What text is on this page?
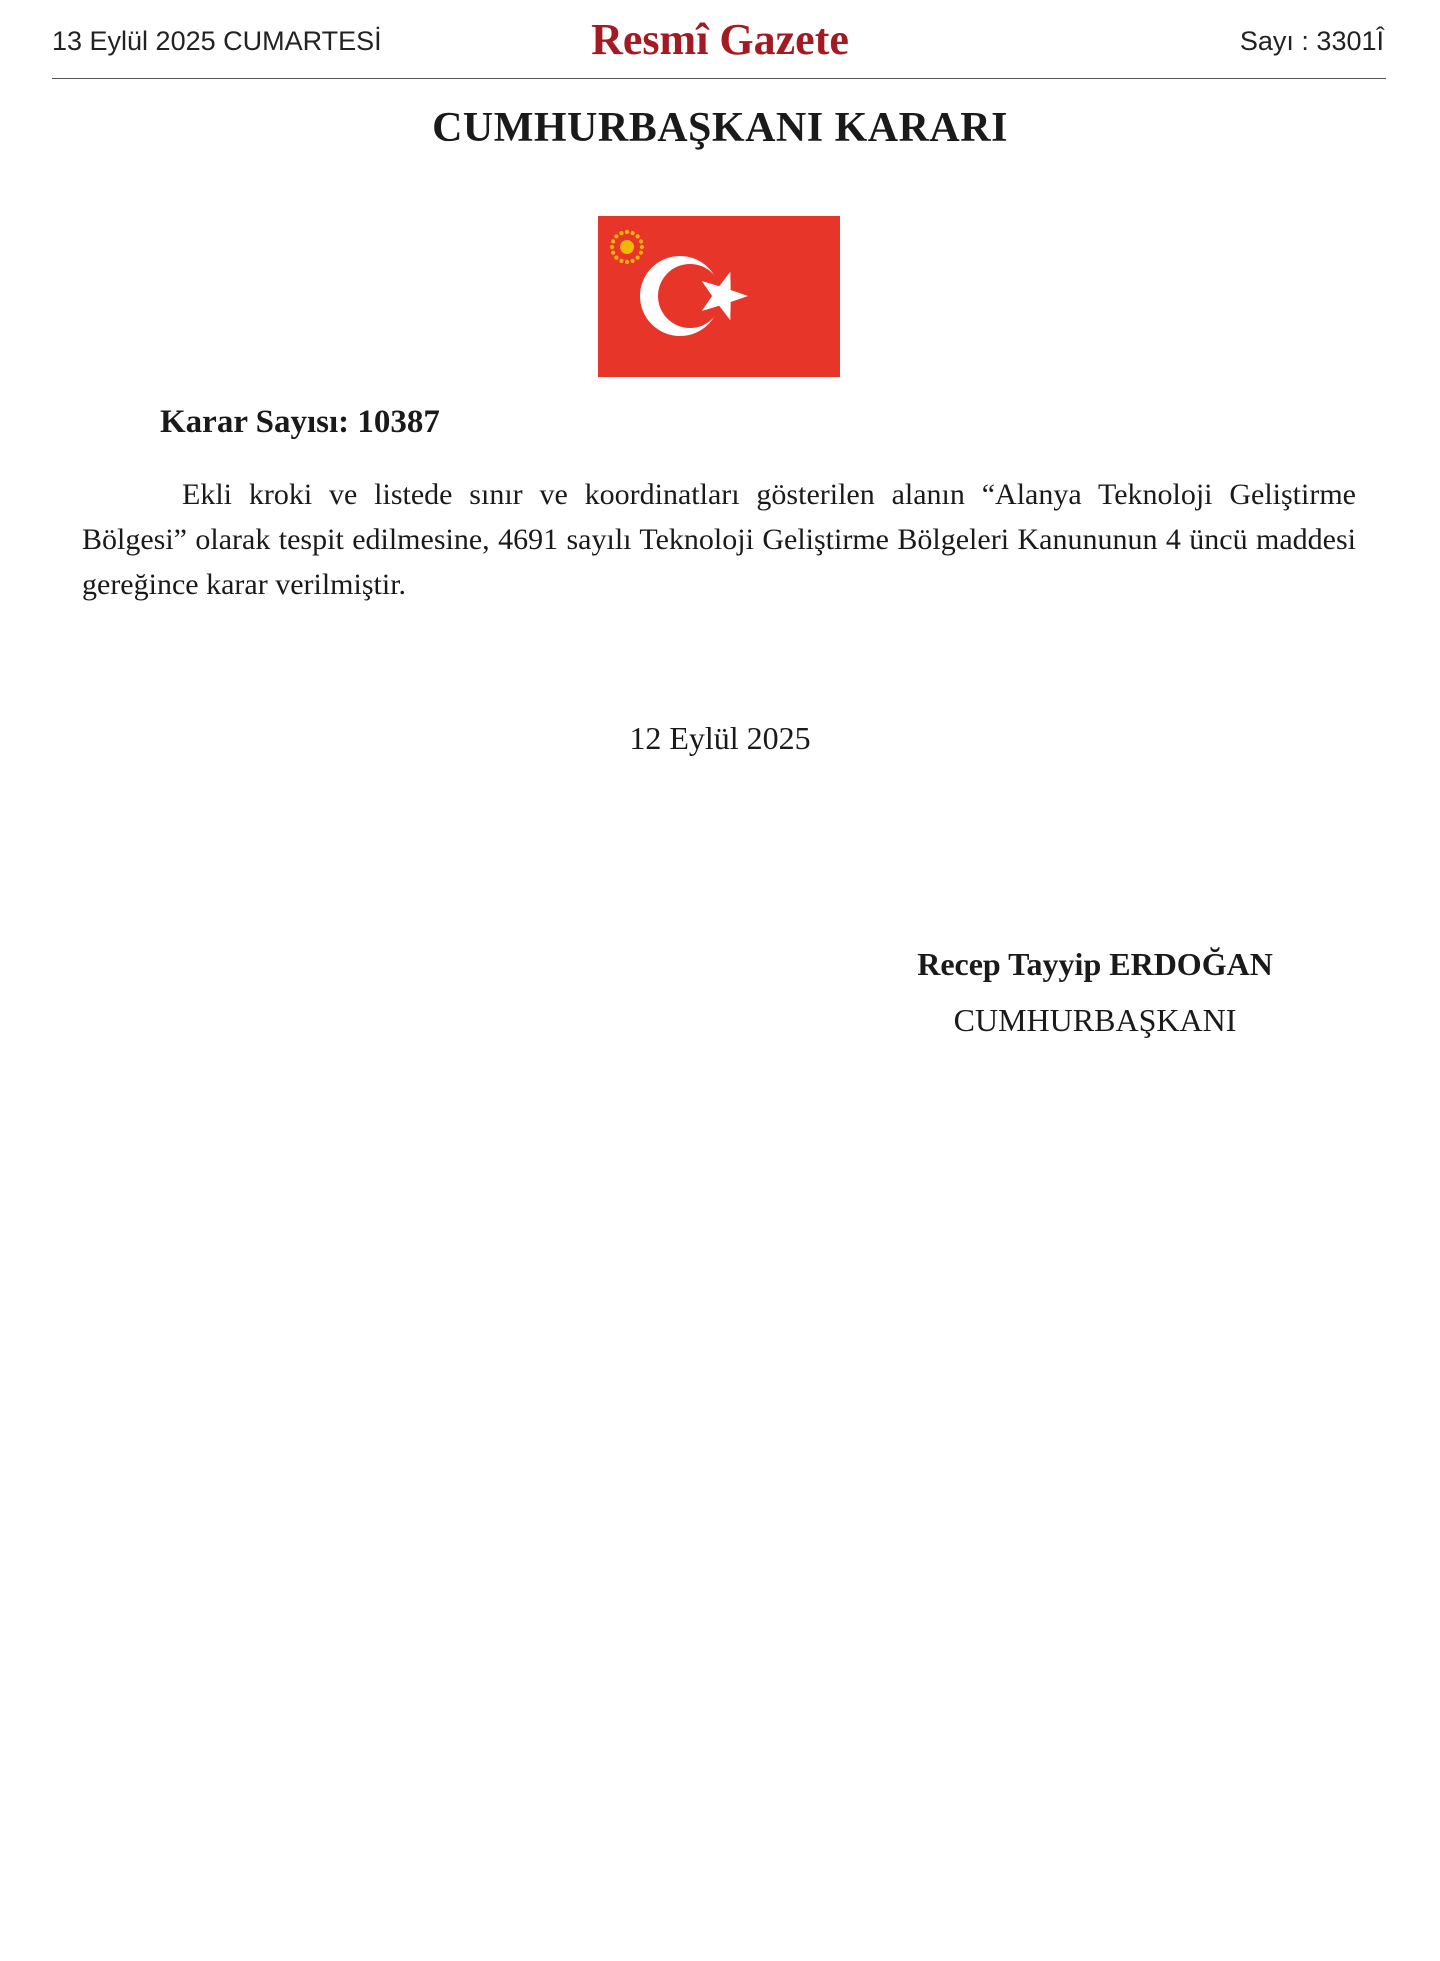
13 Eylül 2025 CUMARTESİ	Resmî Gazete	Sayı : 3301Î
CUMHURBAŞKANI KARARI
Karar Sayısı: 10387
Ekli kroki ve listede sınır ve koordinatları gösterilen alanın “Alanya Teknoloji Geliştirme Bölgesi” olarak tespit edilmesine, 4691 sayılı Teknoloji Geliştirme Bölgeleri Kanununun 4 üncü maddesi gereğince karar verilmiştir.
12 Eylül 2025
Recep Tayyip ERDOĞAN
CUMHURBAŞKANI
